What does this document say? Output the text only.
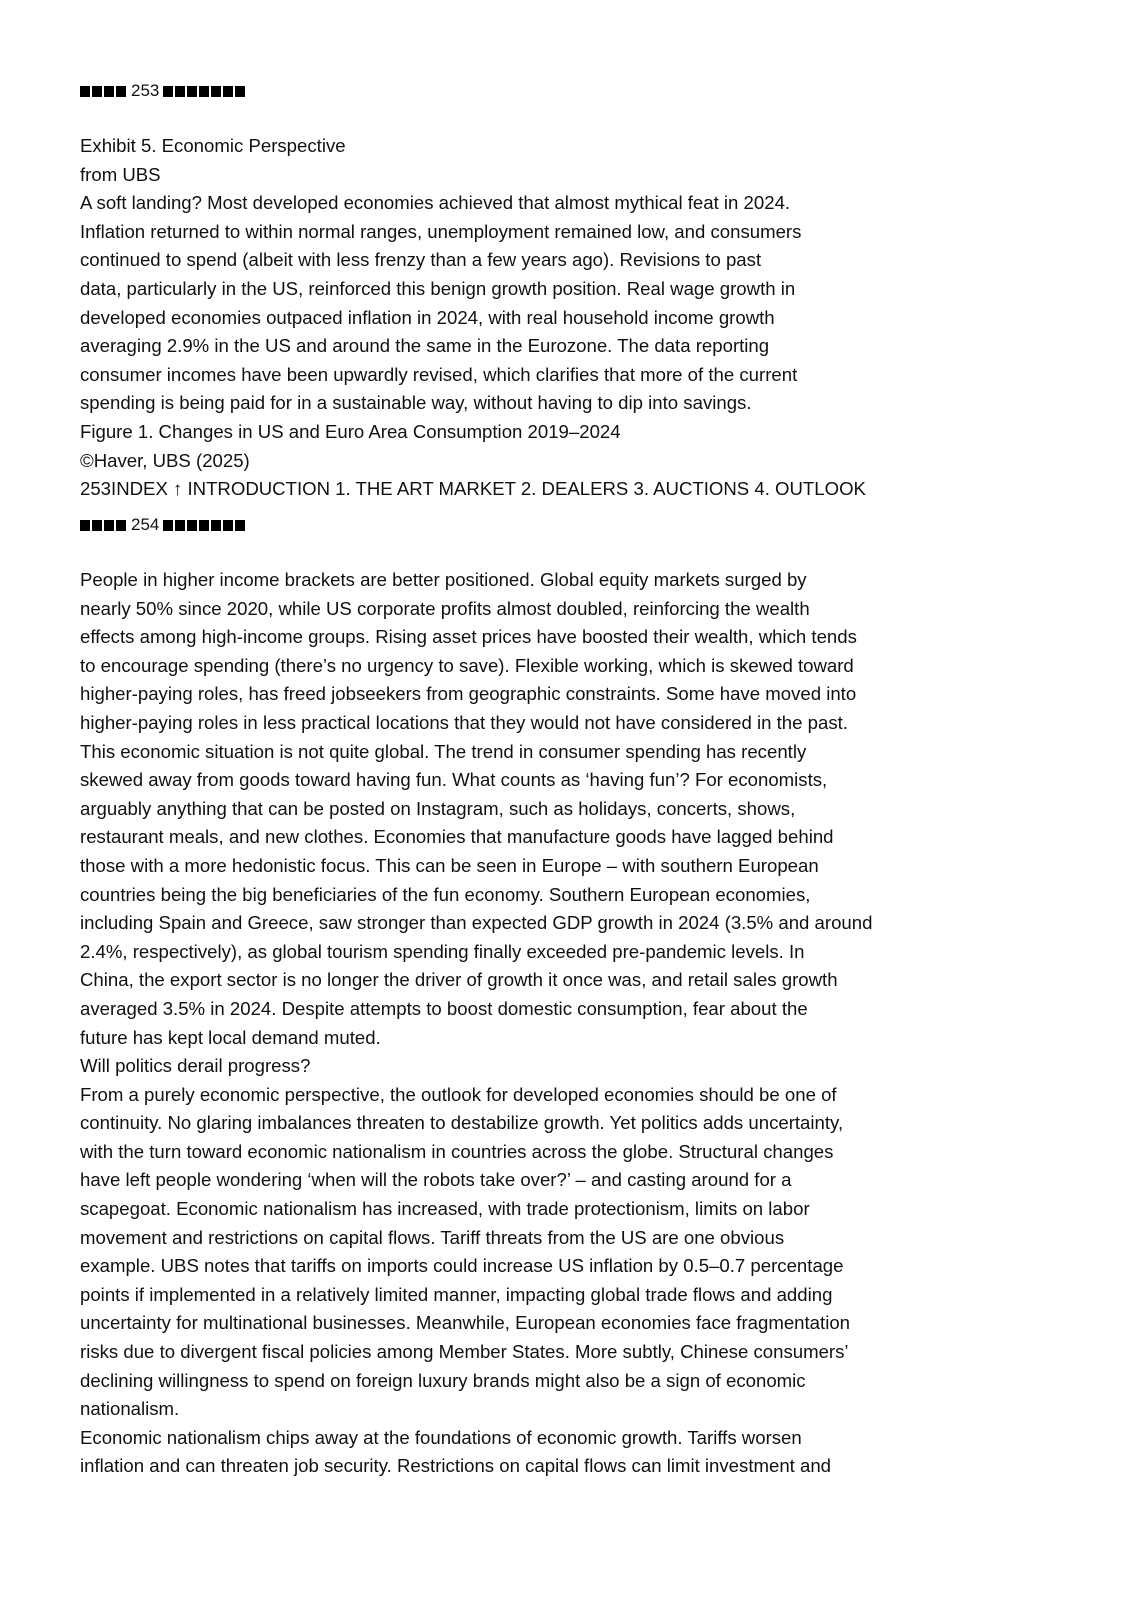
253
Exhibit 5. Economic Perspective
from UBS
A soft landing? Most developed economies achieved that almost mythical feat in 2024.
Inflation returned to within normal ranges, unemployment remained low, and consumers
continued to spend (albeit with less frenzy than a few years ago). Revisions to past
data, particularly in the US, reinforced this benign growth position. Real wage growth in
developed economies outpaced inflation in 2024, with real household income growth
averaging 2.9% in the US and around the same in the Eurozone. The data reporting
consumer incomes have been upwardly revised, which clarifies that more of the current
spending is being paid for in a sustainable way, without having to dip into savings.
Figure 1. Changes in US and Euro Area Consumption 2019–2024
©Haver, UBS (2025)
253INDEX ↑ INTRODUCTION 1. THE ART MARKET 2. DEALERS 3. AUCTIONS 4. OUTLOOK
254
People in higher income brackets are better positioned. Global equity markets surged by
nearly 50% since 2020, while US corporate profits almost doubled, reinforcing the wealth
effects among high-income groups. Rising asset prices have boosted their wealth, which tends
to encourage spending (there’s no urgency to save). Flexible working, which is skewed toward
higher-paying roles, has freed jobseekers from geographic constraints. Some have moved into
higher-paying roles in less practical locations that they would not have considered in the past.
This economic situation is not quite global. The trend in consumer spending has recently
skewed away from goods toward having fun. What counts as ‘having fun’? For economists,
arguably anything that can be posted on Instagram, such as holidays, concerts, shows,
restaurant meals, and new clothes. Economies that manufacture goods have lagged behind
those with a more hedonistic focus. This can be seen in Europe – with southern European
countries being the big beneficiaries of the fun economy. Southern European economies,
including Spain and Greece, saw stronger than expected GDP growth in 2024 (3.5% and around
2.4%, respectively), as global tourism spending finally exceeded pre-pandemic levels. In
China, the export sector is no longer the driver of growth it once was, and retail sales growth
averaged 3.5% in 2024. Despite attempts to boost domestic consumption, fear about the
future has kept local demand muted.
Will politics derail progress?
From a purely economic perspective, the outlook for developed economies should be one of
continuity. No glaring imbalances threaten to destabilize growth. Yet politics adds uncertainty,
with the turn toward economic nationalism in countries across the globe. Structural changes
have left people wondering ‘when will the robots take over?’ – and casting around for a
scapegoat. Economic nationalism has increased, with trade protectionism, limits on labor
movement and restrictions on capital flows. Tariff threats from the US are one obvious
example. UBS notes that tariffs on imports could increase US inflation by 0.5–0.7 percentage
points if implemented in a relatively limited manner, impacting global trade flows and adding
uncertainty for multinational businesses. Meanwhile, European economies face fragmentation
risks due to divergent fiscal policies among Member States. More subtly, Chinese consumers’
declining willingness to spend on foreign luxury brands might also be a sign of economic
nationalism.
Economic nationalism chips away at the foundations of economic growth. Tariffs worsen
inflation and can threaten job security. Restrictions on capital flows can limit investment and
